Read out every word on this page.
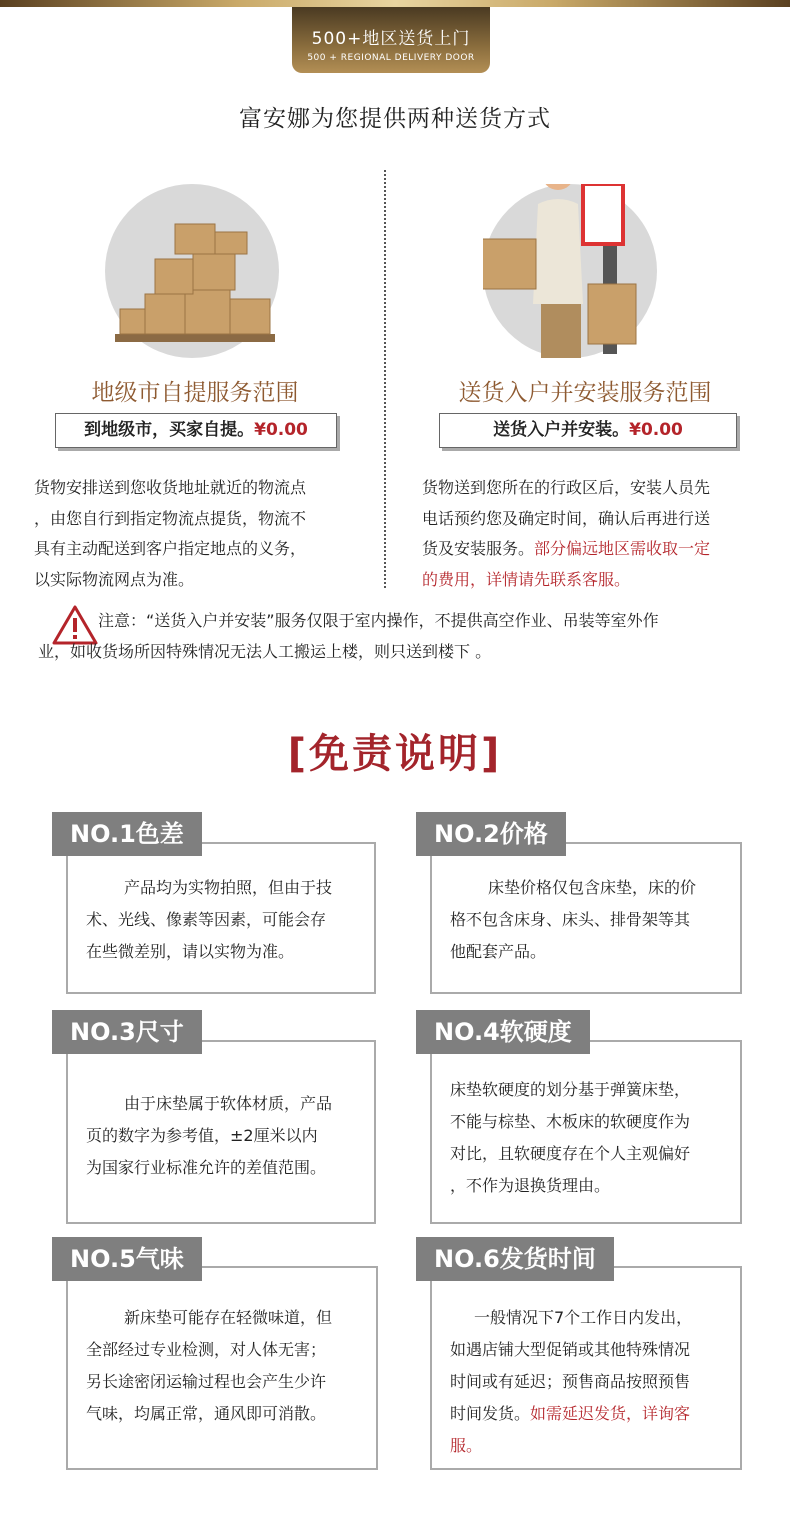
500+地区送货上门
500 + REGIONAL DELIVERY DOOR
富安娜为您提供两种送货方式
地级市自提服务范围
到地级市，买家自提。¥0.00
货物安排送到您收货地址就近的物流点
，由您自行到指定物流点提货，物流不
具有主动配送到客户指定地点的义务，
以实际物流网点为准。
送货入户并安装服务范围
送货入户并安装。¥0.00
货物送到您所在的行政区后，安装人员先
电话预约您及确定时间，确认后再进行送
货及安装服务。部分偏远地区需收取一定
的费用，详情请先联系客服。
注意：“送货入户并安装”服务仅限于室内操作，不提供高空作业、吊装等室外作
业，如收货场所因特殊情况无法人工搬运上楼，则只送到楼下 。
[免责说明]
产品均为实物拍照，但由于技
术、光线、像素等因素，可能会存
在些微差别，请以实物为准。
NO.1色差
床垫价格仅包含床垫，床的价
格不包含床身、床头、排骨架等其
他配套产品。
NO.2价格
由于床垫属于软体材质，产品
页的数字为参考值，±2厘米以内
为国家行业标准允许的差值范围。
NO.3尺寸
床垫软硬度的划分基于弹簧床垫，
不能与棕垫、木板床的软硬度作为
对比，且软硬度存在个人主观偏好
，不作为退换货理由。
NO.4软硬度
新床垫可能存在轻微味道，但
全部经过专业检测，对人体无害；
另长途密闭运输过程也会产生少许
气味，均属正常，通风即可消散。
NO.5气味
一般情况下7个工作日内发出，
如遇店铺大型促销或其他特殊情况
时间或有延迟；预售商品按照预售
时间发货。如需延迟发货，详询客
服。
NO.6发货时间
